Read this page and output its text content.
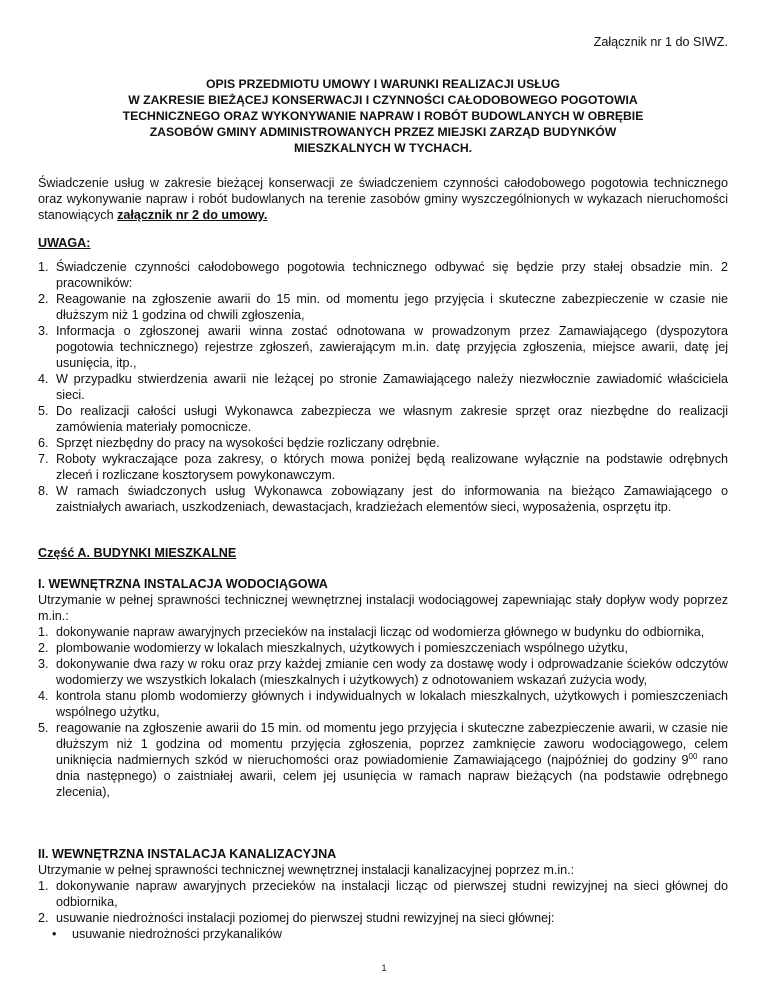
Załącznik nr 1 do SIWZ.
OPIS PRZEDMIOTU UMOWY I WARUNKI REALIZACJI USŁUG
W ZAKRESIE BIEŻĄCEJ KONSERWACJI I CZYNNOŚCI CAŁODOBOWEGO POGOTOWIA
TECHNICZNEGO ORAZ WYKONYWANIE NAPRAW I ROBÓT BUDOWLANYCH W OBRĘBIE
ZASOBÓW GMINY ADMINISTROWANYCH PRZEZ MIEJSKI ZARZĄD BUDYNKÓW
MIESZKALNYCH W TYCHACH.
Świadczenie usług w zakresie bieżącej konserwacji ze świadczeniem czynności całodobowego pogotowia technicznego oraz wykonywanie napraw i robót budowlanych na terenie zasobów gminy wyszczególnionych w wykazach nieruchomości stanowiących załącznik nr 2 do umowy.
UWAGA:
1. Świadczenie czynności całodobowego pogotowia technicznego odbywać się będzie przy stałej obsadzie min. 2 pracowników:
2. Reagowanie na zgłoszenie awarii do 15 min. od momentu jego przyjęcia i skuteczne zabezpieczenie w czasie nie dłuższym niż 1 godzina od chwili zgłoszenia,
3. Informacja o zgłoszonej awarii winna zostać odnotowana w prowadzonym przez Zamawiającego (dyspozytora pogotowia technicznego) rejestrze zgłoszeń, zawierającym m.in. datę przyjęcia zgłoszenia, miejsce awarii, datę jej usunięcia, itp.,
4. W przypadku stwierdzenia awarii nie leżącej po stronie Zamawiającego należy niezwłocznie zawiadomić właściciela sieci.
5. Do realizacji całości usługi Wykonawca zabezpiecza we własnym zakresie sprzęt oraz niezbędne do realizacji zamówienia materiały pomocnicze.
6. Sprzęt niezbędny do pracy na wysokości będzie rozliczany odrębnie.
7. Roboty wykraczające poza zakresy, o których mowa poniżej będą realizowane wyłącznie na podstawie odrębnych zleceń i rozliczane kosztorysem powykonawczym.
8. W ramach świadczonych usług Wykonawca zobowiązany jest do informowania na bieżąco Zamawiającego o zaistniałych awariach, uszkodzeniach, dewastacjach, kradzieżach elementów sieci, wyposażenia, osprzętu itp.
Część A. BUDYNKI MIESZKALNE
I. WEWNĘTRZNA INSTALACJA WODOCIĄGOWA

Utrzymanie w pełnej sprawności technicznej wewnętrznej instalacji wodociągowej zapewniając stały dopływ wody poprzez m.in.:

1. dokonywanie napraw awaryjnych przecieków na instalacji licząc od wodomierza głównego w budynku do odbiornika,
2. plombowanie wodomierzy w lokalach mieszkalnych, użytkowych i pomieszczeniach wspólnego użytku,
3. dokonywanie dwa razy w roku oraz przy każdej zmianie cen wody za dostawę wody i odprowadzanie ścieków odczytów wodomierzy we wszystkich lokalach (mieszkalnych i użytkowych) z odnotowaniem wskazań zużycia wody,
4. kontrola stanu plomb wodomierzy głównych i indywidualnych w lokalach mieszkalnych, użytkowych i pomieszczeniach wspólnego użytku,
5. reagowanie na zgłoszenie awarii do 15 min. od momentu jego przyjęcia i skuteczne zabezpieczenie awarii, w czasie nie dłuższym niż 1 godzina od momentu przyjęcia zgłoszenia, poprzez zamknięcie zaworu wodociągowego, celem uniknięcia nadmiernych szkód w nieruchomości oraz powiadomienie Zamawiającego (najpóźniej do godziny $9^{00}$ rano dnia następnego) o zaistniałej awarii, celem jej usunięcia w ramach napraw bieżących (na podstawie odrębnego zlecenia),
II. WEWNĘTRZNA INSTALACJA KANALIZACYJNA

Utrzymanie w pełnej sprawności technicznej wewnętrznej instalacji kanalizacyjnej poprzez m.in.:

1. dokonywanie napraw awaryjnych przecieków na instalacji licząc od pierwszej studni rewizyjnej na sieci głównej do odbiornika,
2. usuwanie niedrożności instalacji poziomej do pierwszej studni rewizyjnej na sieci głównej:
• usuwanie niedrożności przykanalików
1
